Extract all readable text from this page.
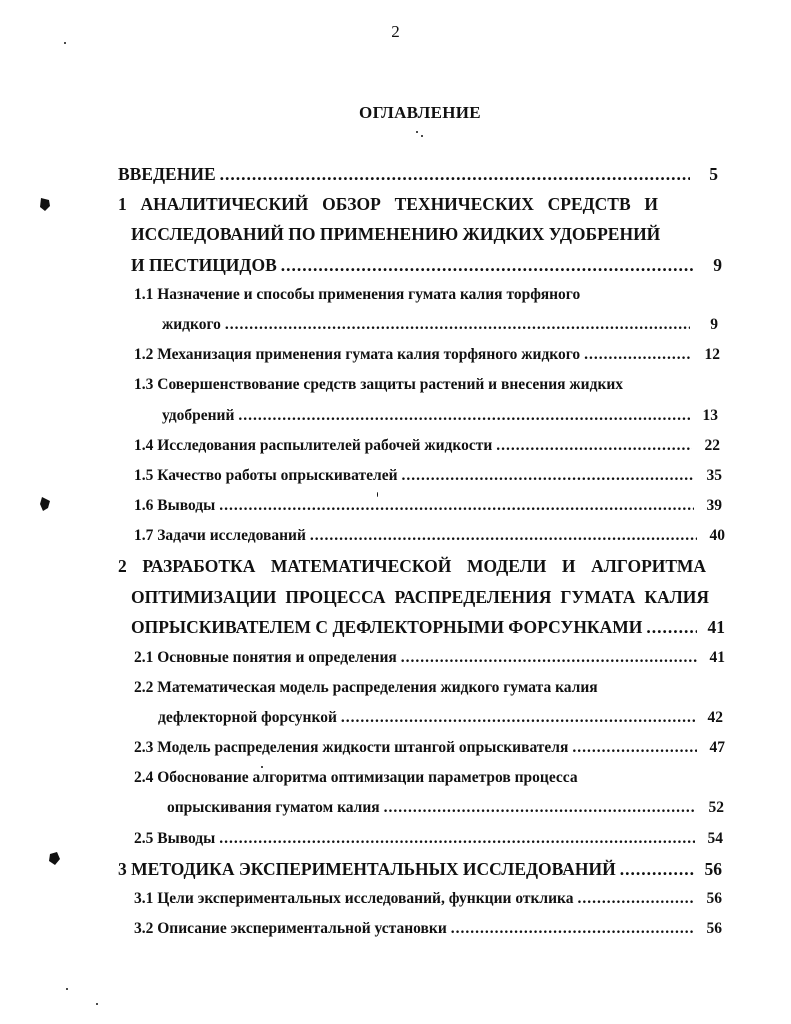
2
ОГЛАВЛЕНИЕ
ВВЕДЕНИЕ .....	5
1 АНАЛИТИЧЕСКИЙ ОБЗОР ТЕХНИЧЕСКИХ СРЕДСТВ И
ИССЛЕДОВАНИЙ ПО ПРИМЕНЕНИЮ ЖИДКИХ УДОБРЕНИЙ
И ПЕСТИЦИДОВ .....	9
1.1 Назначение и способы применения гумата калия торфяного
жидкого .....	9
1.2 Механизация применения гумата калия торфяного жидкого .....	12
1.3 Совершенствование средств защиты растений и внесения жидких
удобрений .....	13
1.4 Исследования распылителей рабочей жидкости .....	22
1.5 Качество работы опрыскивателей .....	35
1.6 Выводы .....	39
1.7 Задачи исследований .....	40
2 РАЗРАБОТКА МАТЕМАТИЧЕСКОЙ МОДЕЛИ И АЛГОРИТМА
ОПТИМИЗАЦИИ ПРОЦЕССА РАСПРЕДЕЛЕНИЯ ГУМАТА КАЛИЯ
ОПРЫСКИВАТЕЛЕМ С ДЕФЛЕКТОРНЫМИ ФОРСУНКАМИ .....	41
2.1 Основные понятия и определения .....	41
2.2 Математическая модель распределения жидкого гумата калия
дефлекторной форсункой .....	42
2.3 Модель распределения жидкости штангой опрыскивателя .....	47
2.4 Обоснование алгоритма оптимизации параметров процесса
опрыскивания гуматом калия .....	52
2.5 Выводы .....	54
3 МЕТОДИКА ЭКСПЕРИМЕНТАЛЬНЫХ ИССЛЕДОВАНИЙ .....	56
3.1 Цели экспериментальных исследований, функции отклика .....	56
3.2 Описание экспериментальной установки .....	56
